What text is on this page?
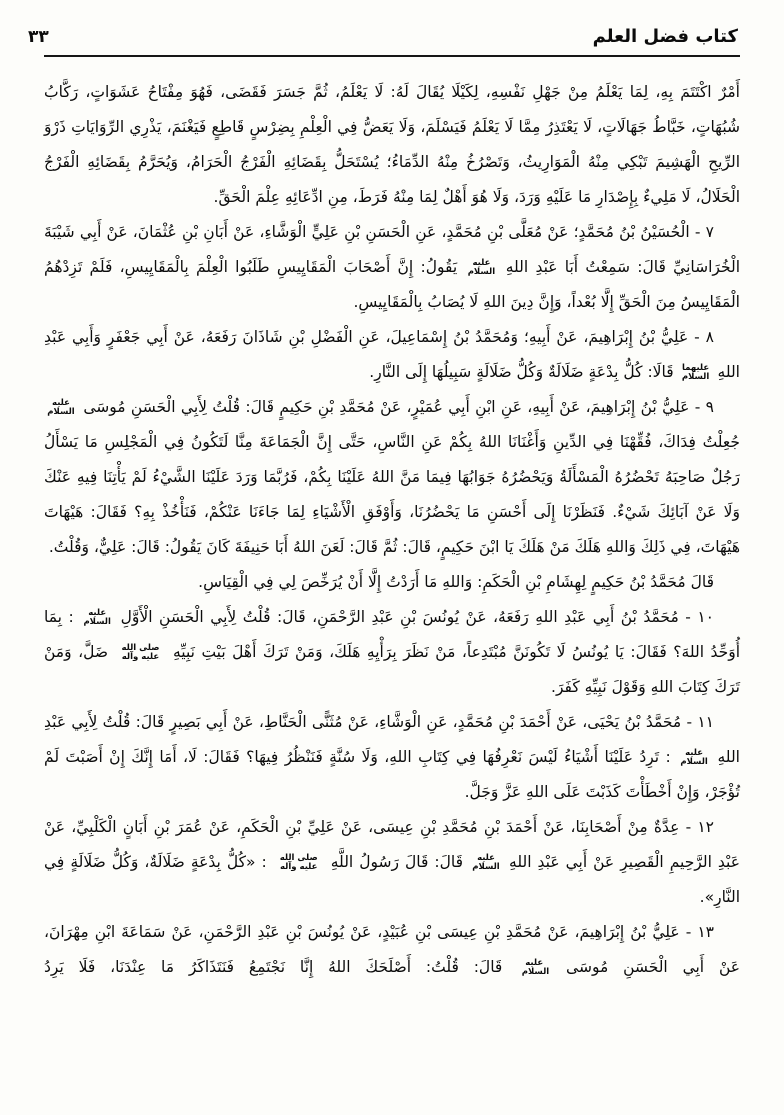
كتاب فضل العلم
٣٣

أَمْرٌ اكْتَتَمَ بِهِ، لِمَا يَعْلَمُ مِنْ جَهْلِ نَفْسِهِ، لِكَيْلَا يُقَالَ لَهُ: لَا يَعْلَمُ، ثُمَّ جَسَرَ فَقَضَى، فَهُوَ مِفْتَاحُ عَشَوَاتٍ، رَكَّابُ شُبُهَاتٍ، خَبَّاطُ جَهَالَاتٍ، لَا يَعْتَذِرُ مِمَّا لَا يَعْلَمُ فَيَسْلَمَ، وَلَا يَعَضُّ فِي الْعِلْمِ بِضِرْسٍ قَاطِعٍ فَيَغْنَمَ، يَذْرِي الرِّوَايَاتِ ذَرْوَ الرِّيحِ الْهَشِيمَ تَبْكِي مِنْهُ الْمَوَارِيثُ، وَتَصْرُخُ مِنْهُ الدِّمَاءُ؛ يُسْتَحَلُّ بِقَضَائِهِ الْفَرْجُ الْحَرَامُ، وَيُحَرَّمُ بِقَضَائِهِ الْفَرْجُ الْحَلَالُ، لَا مَلِيءٌ بِإِصْدَارِ مَا عَلَيْهِ وَرَدَ، وَلَا هُوَ أَهْلٌ لِمَا مِنْهُ فَرَطَ، مِنِ ادِّعَائِهِ عِلْمَ الْحَقِّ.

٧ - الْحُسَيْنُ بْنُ مُحَمَّدٍ؛ عَنْ مُعَلَّى بْنِ مُحَمَّدٍ، عَنِ الْحَسَنِ بْنِ عَلِيٍّ الْوَشَّاءِ، عَنْ أَبَانِ بْنِ عُثْمَانَ، عَنْ أَبِي شَيْبَةَ الْخُرَاسَانِيِّ قَالَ: سَمِعْتُ أَبَا عَبْدِ اللهِ عليه السلام يَقُولُ: إِنَّ أَصْحَابَ الْمَقَايِيسِ طَلَبُوا الْعِلْمَ بِالْمَقَايِيسِ، فَلَمْ تَزِدْهُمُ الْمَقَايِيسُ مِنَ الْحَقِّ إِلَّا بُعْداً، وَإِنَّ دِينَ اللهِ لَا يُصَابُ بِالْمَقَايِيسِ.

٨ - عَلِيُّ بْنُ إِبْرَاهِيمَ، عَنْ أَبِيهِ؛ وَمُحَمَّدُ بْنُ إِسْمَاعِيلَ، عَنِ الْفَضْلِ بْنِ شَاذَانَ رَفَعَهُ، عَنْ أَبِي جَعْفَرٍ وَأَبِي عَبْدِ اللهِ عليهما السلام قَالَا: كُلُّ بِدْعَةٍ ضَلَالَةٌ وَكُلُّ ضَلَالَةٍ سَبِيلُهَا إِلَى النَّارِ.

٩ - عَلِيُّ بْنُ إِبْرَاهِيمَ، عَنْ أَبِيهِ، عَنِ ابْنِ أَبِي عُمَيْرٍ، عَنْ مُحَمَّدِ بْنِ حَكِيمٍ قَالَ: قُلْتُ لِأَبِي الْحَسَنِ مُوسَى عليه السلام جُعِلْتُ فِدَاكَ، فُقِّهْنَا فِي الدِّينِ وَأَغْنَانَا اللهُ بِكُمْ عَنِ النَّاسِ، حَتَّى إِنَّ الْجَمَاعَةَ مِنَّا لَتَكُونُ فِي الْمَجْلِسِ مَا يَسْأَلُ رَجُلٌ صَاحِبَهُ تَحْضُرُهُ الْمَسْأَلَةُ وَيَحْضُرُهُ جَوَابُهَا فِيمَا مَنَّ اللهُ عَلَيْنَا بِكُمْ، فَرُبَّمَا وَرَدَ عَلَيْنَا الشَّيْءُ لَمْ يَأْتِنَا فِيهِ عَنْكَ وَلَا عَنْ آبَائِكَ شَيْءٌ. فَنَظَرْنَا إِلَى أَحْسَنِ مَا يَحْضُرُنَا، وَأَوْفَقِ الْأَشْيَاءِ لِمَا جَاءَنَا عَنْكُمْ، فَنَأْخُذْ بِهِ؟ فَقَالَ: هَيْهَاتَ هَيْهَاتَ، فِي ذَلِكَ وَاللهِ هَلَكَ مَنْ هَلَكَ يَا ابْنَ حَكِيمٍ، قَالَ: ثُمَّ قَالَ: لَعَنَ اللهُ أَبَا حَنِيفَةَ كَانَ يَقُولُ: قَالَ: عَلِيٌّ، وَقُلْتُ.

قَالَ مُحَمَّدُ بْنُ حَكِيمٍ لِهِشَامِ بْنِ الْحَكَمِ: وَاللهِ مَا أَرَدْتُ إِلَّا أَنْ يُرَخِّصَ لِي فِي الْقِيَاسِ.

١٠ - مُحَمَّدُ بْنُ أَبِي عَبْدِ اللهِ رَفَعَهُ، عَنْ يُونُسَ بْنِ عَبْدِ الرَّحْمَنِ، قَالَ: قُلْتُ لِأَبِي الْحَسَنِ الْأَوَّلِ عليه السلام : بِمَا أُوَحِّدُ اللهَ؟ فَقَالَ: يَا يُونُسُ لَا تَكُونَنَّ مُبْتَدِعاً، مَنْ نَظَرَ بِرَأْيِهِ هَلَكَ، وَمَنْ تَرَكَ أَهْلَ بَيْتِ نَبِيِّهِ صلى الله عليه وآله ضَلَّ، وَمَنْ تَرَكَ كِتَابَ اللهِ وَقَوْلَ نَبِيِّهِ كَفَرَ.

١١ - مُحَمَّدُ بْنُ يَحْيَى، عَنْ أَحْمَدَ بْنِ مُحَمَّدٍ، عَنِ الْوَشَّاءِ، عَنْ مُثَنًّى الْحَنَّاطِ، عَنْ أَبِي بَصِيرٍ قَالَ: قُلْتُ لِأَبِي عَبْدِ اللهِ عليه السلام : تَرِدُ عَلَيْنَا أَشْيَاءُ لَيْسَ نَعْرِفُهَا فِي كِتَابِ اللهِ، وَلَا سُنَّةٍ فَنَنْظُرُ فِيهَا؟ فَقَالَ: لَا، أَمَا إِنَّكَ إِنْ أَصَبْتَ لَمْ تُؤْجَرْ، وَإِنْ أَخْطَأْتَ كَذَبْتَ عَلَى اللهِ عَزَّ وَجَلَّ.

١٢ - عِدَّةٌ مِنْ أَصْحَابِنَا، عَنْ أَحْمَدَ بْنِ مُحَمَّدِ بْنِ عِيسَى، عَنْ عَلِيِّ بْنِ الْحَكَمِ، عَنْ عُمَرَ بْنِ أَبَانٍ الْكَلْبِيِّ، عَنْ عَبْدِ الرَّحِيمِ الْقَصِيرِ عَنْ أَبِي عَبْدِ اللهِ عليه السلام قَالَ: قَالَ رَسُولُ اللَّهِ صلى الله عليه وآله : «كُلُّ بِدْعَةٍ ضَلَالَةٌ، وَكُلُّ ضَلَالَةٍ فِي النَّارِ».

١٣ - عَلِيُّ بْنُ إِبْرَاهِيمَ، عَنْ مُحَمَّدِ بْنِ عِيسَى بْنِ عُبَيْدٍ، عَنْ يُونُسَ بْنِ عَبْدِ الرَّحْمَنِ، عَنْ سَمَاعَةَ ابْنِ مِهْرَانَ، عَنْ أَبِي الْحَسَنِ مُوسَى عليه السلام قَالَ: قُلْتُ: أَصْلَحَكَ اللهُ إِنَّا نَجْتَمِعُ فَنَتَذَاكَرُ مَا عِنْدَنَا، فَلَا يَرِدُ
